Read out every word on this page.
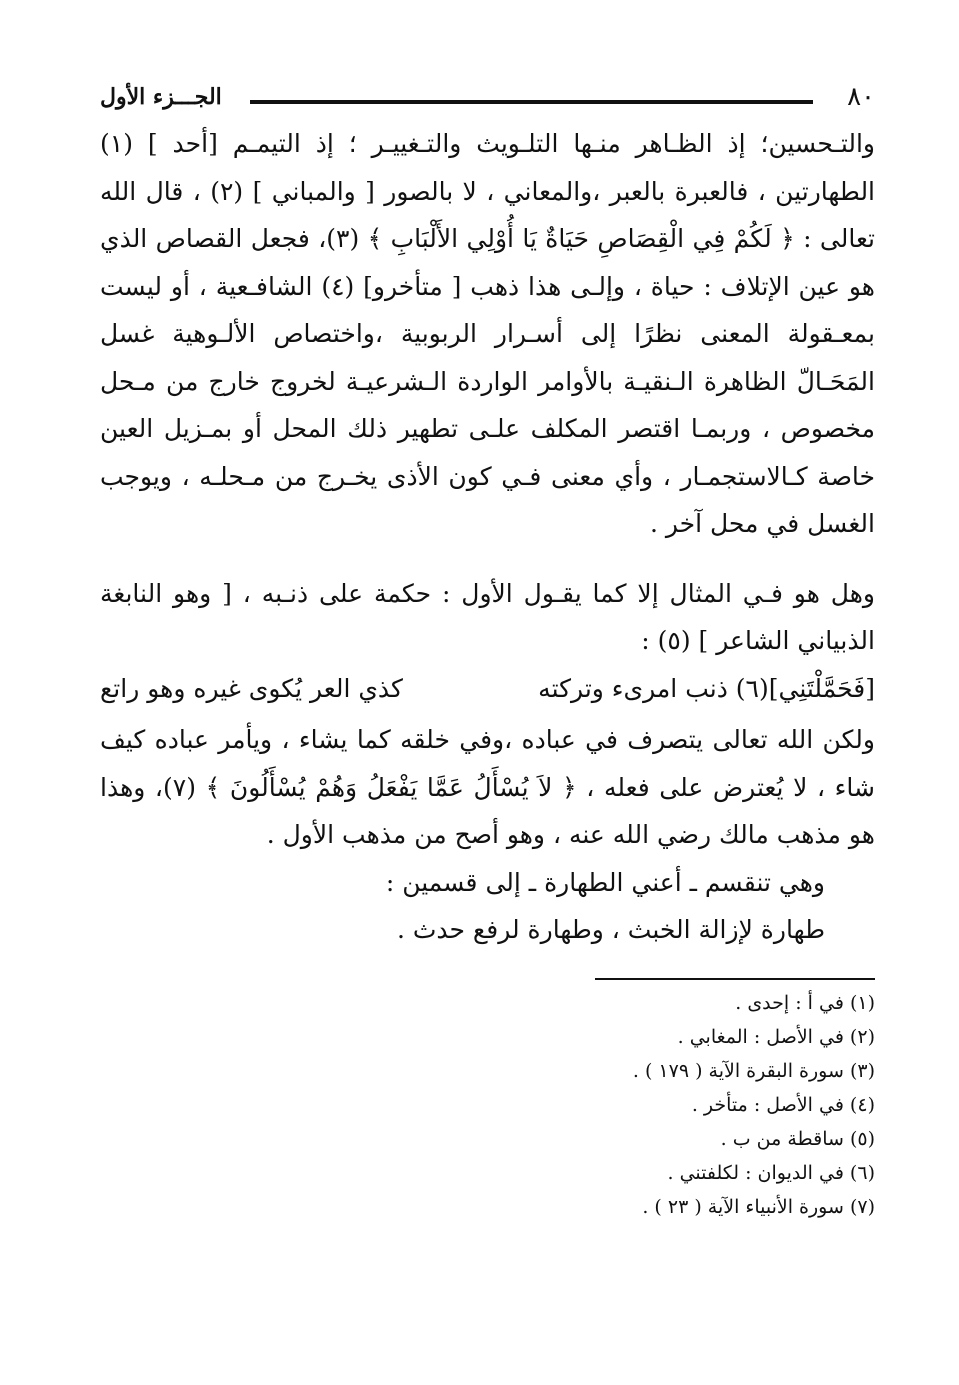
٨٠
الجـــزء الأول

والتـحسين؛ إذ الظـاهر منـها التلـويث والتـغييـر ؛ إذ التيمـم [أحد ] (١) الطهارتين ، فالعبرة بالعبر ،والمعاني ، لا بالصور [ والمباني ] (٢) ، قال الله تعالى : ﴿ لَكُمْ فِي الْقِصَاصِ حَيَاةٌ يَا أُوْلِي الأَلْبَابِ ﴾ (٣)، فجعل القصاص الذي هو عين الإتلاف : حياة ، وإلـى هذا ذهب [ متأخرو] (٤) الشافـعية ، أو ليست بمعـقولة المعنى نظرًا إلى أسـرار الربوبية ،واختصاص الألـوهية غسل المَحَـالّ الظاهرة الـنقيـة بالأوامر الواردة الـشرعيـة لخروج خارج من مـحل مخصوص ، وربمـا اقتصر المكلف علـى تطهير ذلك المحل أو بمـزيل العين خاصة كـالاستجمـار ، وأي معنى فـي كون الأذى يخـرج من مـحلـه ، ويوجب الغسل في محل آخر .

وهل هو فـي المثال إلا كما يقـول الأول : حكمة على ذنـبه ، [ وهو النابغة الذبياني الشاعر ] (٥) :

[فَحَمَّلْتَنِي](٦) ذنب امرىء وتركته
كذي العر يُكوى غيره وهو راتع

ولكن الله تعالى يتصرف في عباده ،وفي خلقه كما يشاء ، ويأمر عباده كيف شاء ، لا يُعترض على فعله ، ﴿ لاَ يُسْأَلُ عَمَّا يَفْعَلُ وَهُمْ يُسْأَلُونَ ﴾ (٧)، وهذا هو مذهب مالك رضي الله عنه ، وهو أصح من مذهب الأول .

وهي تنقسم ـ أعني الطهارة ـ إلى قسمين :

طهارة لإزالة الخبث ، وطهارة لرفع حدث .

(١) في أ : إحدى .
(٢) في الأصل : المغابي .
(٣) سورة البقرة الآية ( ١٧٩ ) .
(٤) في الأصل : متأخر .
(٥) ساقطة من ب .
(٦) في الديوان : لكلفتني .
(٧) سورة الأنبياء الآية ( ٢٣ ) .
